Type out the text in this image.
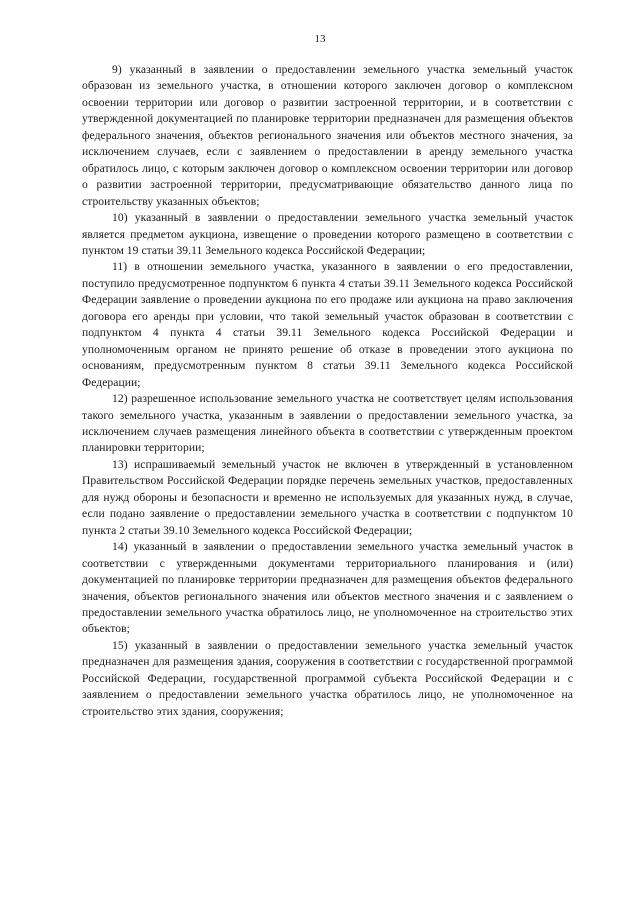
13

9) указанный в заявлении о предоставлении земельного участка земельный участок образован из земельного участка, в отношении которого заключен договор о комплексном освоении территории или договор о развитии застроенной территории, и в соответствии с утвержденной документацией по планировке территории предназначен для размещения объектов федерального значения, объектов регионального значения или объектов местного значения, за исключением случаев, если с заявлением о предоставлении в аренду земельного участка обратилось лицо, с которым заключен договор о комплексном освоении территории или договор о развитии застроенной территории, предусматривающие обязательство данного лица по строительству указанных объектов;

10) указанный в заявлении о предоставлении земельного участка земельный участок является предметом аукциона, извещение о проведении которого размещено в соответствии с пунктом 19 статьи 39.11 Земельного кодекса Российской Федерации;

11) в отношении земельного участка, указанного в заявлении о его предоставлении, поступило предусмотренное подпунктом 6 пункта 4 статьи 39.11 Земельного кодекса Российской Федерации заявление о проведении аукциона по его продаже или аукциона на право заключения договора его аренды при условии, что такой земельный участок образован в соответствии с подпунктом 4 пункта 4 статьи 39.11 Земельного кодекса Российской Федерации и уполномоченным органом не принято решение об отказе в проведении этого аукциона по основаниям, предусмотренным пунктом 8 статьи 39.11 Земельного кодекса Российской Федерации;

12) разрешенное использование земельного участка не соответствует целям использования такого земельного участка, указанным в заявлении о предоставлении земельного участка, за исключением случаев размещения линейного объекта в соответствии с утвержденным проектом планировки территории;

13) испрашиваемый земельный участок не включен в утвержденный в установленном Правительством Российской Федерации порядке перечень земельных участков, предоставленных для нужд обороны и безопасности и временно не используемых для указанных нужд, в случае, если подано заявление о предоставлении земельного участка в соответствии с подпунктом 10 пункта 2 статьи 39.10 Земельного кодекса Российской Федерации;

14) указанный в заявлении о предоставлении земельного участка земельный участок в соответствии с утвержденными документами территориального планирования и (или) документацией по планировке территории предназначен для размещения объектов федерального значения, объектов регионального значения или объектов местного значения и с заявлением о предоставлении земельного участка обратилось лицо, не уполномоченное на строительство этих объектов;

15) указанный в заявлении о предоставлении земельного участка земельный участок предназначен для размещения здания, сооружения в соответствии с государственной программой Российской Федерации, государственной программой субъекта Российской Федерации и с заявлением о предоставлении земельного участка обратилось лицо, не уполномоченное на строительство этих здания, сооружения;
